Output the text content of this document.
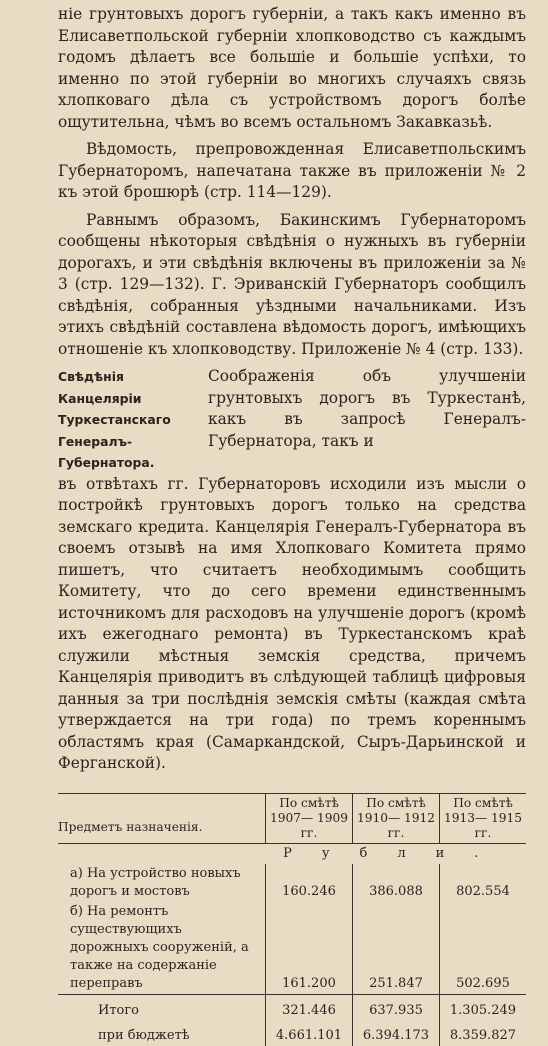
ніе грунтовыхъ дорогъ губерніи, а такъ какъ именно въ Елисаветпольской губерніи хлопководство съ каждымъ годомъ дѣлаетъ все большіе и большіе успѣхи, то именно по этой губерніи во многихъ случаяхъ связь хлопковаго дѣла съ устройствомъ дорогъ болѣе ощутительна, чѣмъ во всемъ остальномъ Закавказьѣ.

Вѣдомость, препровожденная Елисаветпольскимъ Губернаторомъ, напечатана также въ приложеніи № 2 къ этой брошюрѣ (стр. 114—129).

Равнымъ образомъ, Бакинскимъ Губернаторомъ сообщены нѣкоторыя свѣдѣнія о нужныхъ въ губерніи дорогахъ, и эти свѣдѣнія включены въ приложеніи за № 3 (стр. 129—132). Г. Эриванскій Губернаторъ сообщилъ свѣдѣнія, собранныя уѣздными начальниками. Изъ этихъ свѣдѣній составлена вѣдомость дорогъ, имѣющихъ отношеніе къ хлопководству. Приложеніе № 4 (стр. 133).

Свѣдѣнія Канцеляріи Туркестанскаго Генералъ-Губернатора.
Соображенія объ улучшеніи грунтовыхъ дорогъ въ Туркестанѣ, какъ въ запросѣ Генералъ-Губернатора, такъ и

въ отвѣтахъ гг. Губернаторовъ исходили изъ мысли о постройкѣ грунтовыхъ дорогъ только на средства земскаго кредита. Канцелярія Генералъ-Губернатора въ своемъ отзывѣ на имя Хлопковаго Комитета прямо пишетъ, что считаетъ необходимымъ сообщить Комитету, что до сего времени единственнымъ источникомъ для расходовъ на улучшеніе дорогъ (кромѣ ихъ ежегоднаго ремонта) въ Туркестанскомъ краѣ служили мѣстныя земскія средства, причемъ Канцелярія приводитъ въ слѣдующей таблицѣ цифровыя данныя за три послѣднія земскія смѣты (каждая смѣта утверждается на три года) по тремъ кореннымъ областямъ края (Самаркандской, Сыръ-Дарьинской и Ферганской).

Предметъ назначенія.	По смѣтѣ 1907— 1909 гг.	По смѣтѣ 1910— 1912 гг.	По смѣтѣ 1913— 1915 гг.
	Рубли.		
а) На устройство новыхъ дорогъ и мостовъ	160.246	386.088	802.554
б) На ремонтъ существующихъ дорожныхъ сооруженій, а также на содержаніе переправъ	161.200	251.847	502.695

Итого	321.446	637.935	1.305.249
при бюджетѣ	4.661.101	6.394.173	8.359.827
